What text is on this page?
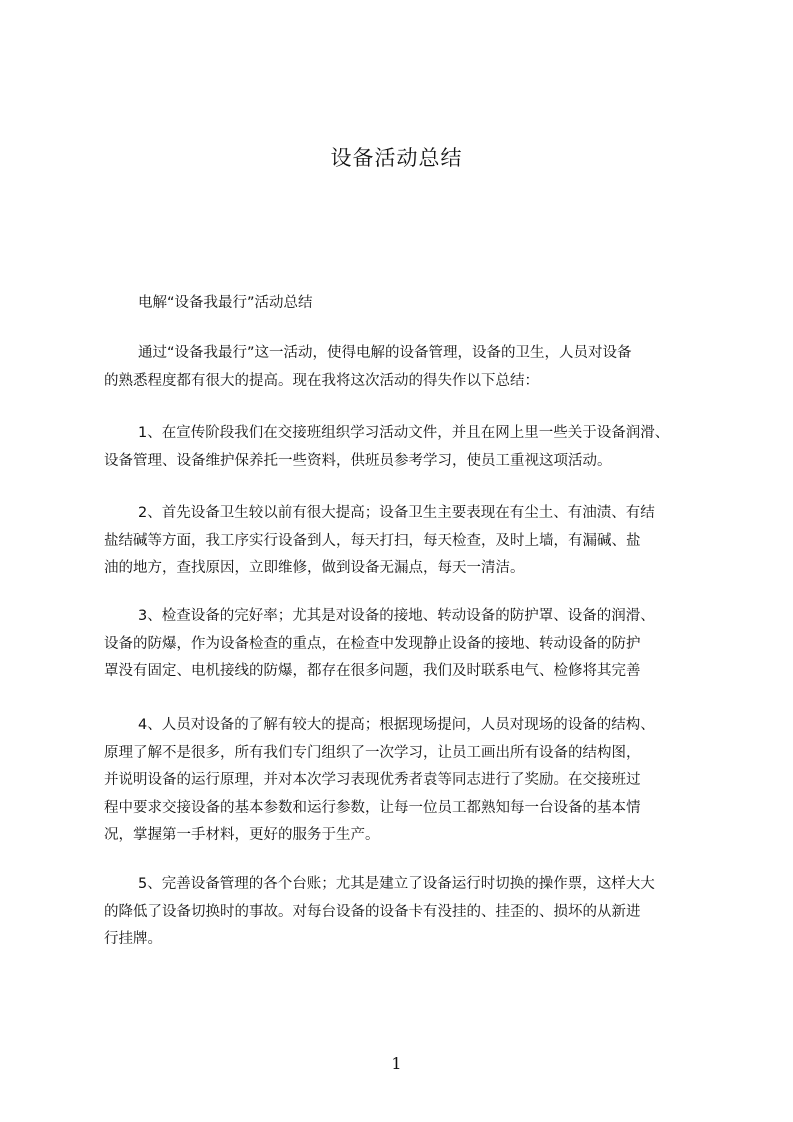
设备活动总结
电解“设备我最行”活动总结
通过“设备我最行”这一活动，使得电解的设备管理，设备的卫生，人员对设备
的熟悉程度都有很大的提高。现在我将这次活动的得失作以下总结：
1、在宣传阶段我们在交接班组织学习活动文件，并且在网上里一些关于设备润滑、
设备管理、设备维护保养托一些资料，供班员参考学习，使员工重视这项活动。
2、首先设备卫生较以前有很大提高；设备卫生主要表现在有尘土、有油渍、有结
盐结碱等方面，我工序实行设备到人，每天打扫，每天检查，及时上墙，有漏碱、盐
油的地方，查找原因，立即维修，做到设备无漏点，每天一清洁。
3、检查设备的完好率；尤其是对设备的接地、转动设备的防护罩、设备的润滑、
设备的防爆，作为设备检查的重点，在检查中发现静止设备的接地、转动设备的防护
罩没有固定、电机接线的防爆，都存在很多问题，我们及时联系电气、检修将其完善
4、人员对设备的了解有较大的提高；根据现场提问，人员对现场的设备的结构、
原理了解不是很多，所有我们专门组织了一次学习，让员工画出所有设备的结构图，
并说明设备的运行原理，并对本次学习表现优秀者袁等同志进行了奖励。在交接班过
程中要求交接设备的基本参数和运行参数，让每一位员工都熟知每一台设备的基本情
况，掌握第一手材料，更好的服务于生产。
5、完善设备管理的各个台账；尤其是建立了设备运行时切换的操作票，这样大大
的降低了设备切换时的事故。对每台设备的设备卡有没挂的、挂歪的、损坏的从新进
行挂牌。
1
